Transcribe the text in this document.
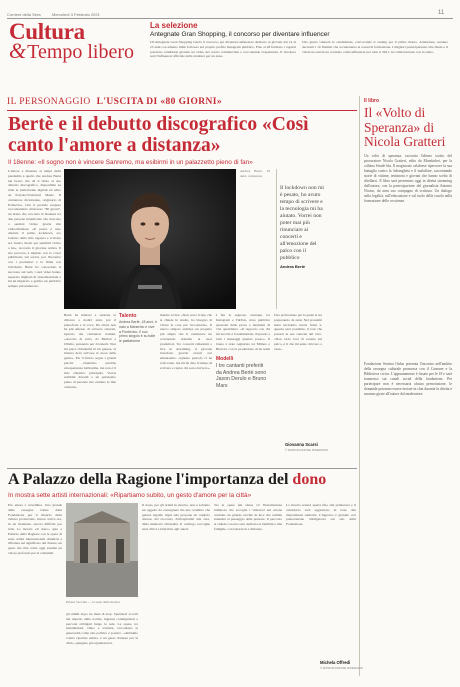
Corriere della Sera	Mercoledì 3 Febbraio 2021	11
Cultura
& Tempo libero
La selezione
Antegnate Gran Shopping, il concorso per diventare influencer
Un'Antegnate Gran Shopping lancia il concorso per diventare influencer dedicato ai giovani dai 14 ai 25 anni con almeno mille follower sul proprio profilo Instagram pubblico. Fino al 28 febbraio i ragazzi potranno candidarsi girando un video del centro commerciale e raccontando l'esperienza. Il vincitore sarà l'influencer ufficiale della struttura per un anno.
Una giuria valuterà le candidature, convocando il casting per il primo marzo. Attenzione, saranno decretati i 10 finalisti che accederanno al round di formazione. I migliori parteciperanno alla finale e il vincitore otterrà un contratto come influencer per tutto il 2021, in collaborazione con il centro.
IL PERSONAGGIO L'USCITA DI «80 GIORNI»
Bertè e il debutto discografico «Così canto l'amore a distanza»
Il 18enne: «Il sogno non è vincere Sanremo, ma esibirmi in un palazzetto pieno di fan»
L'amore a distanza ai tempi della pandemia è quello che Andrea Bertè nel brano che dà il titolo al suo debutto discografico, disponibile su tutte le piattaforme digitali ed edito da Polydor/Universal Music. Il cantautore diciottenne, originario di Pontevico, vive il periodo sospeso raccontandolo attraverso "80 giorni", un brano che racconta la distanza tra due persone innamorate che riescono a sentirsi vicine grazie alle videochiamate. «Il pezzo è nato durante il primo lockdown, ero lontano dalla mia ragazza e scrivere era l'unico modo per sentirmi vicino a lei», racconta il giovane artista. Il suo percorso è iniziato con le cover pubblicate sui social, poi l'incontro con i produttori e la firma con l'etichetta. Bertè ha conosciuto il successo sul web, i suoi video hanno superato migliaia di visualizzazioni e lui ha imparato a gestire un pubblico sempre più numeroso.
Bertè ha iniziato a suonare la chitarra a dodici anni, poi il pianoforte e la voce. Da allora non ha più smesso di scrivere canzoni, ispirato dai cantautori italiani. «Ascolto di tutto, da Battisti a Ultimo, passando per Jovanotti. Non mi piace chiudermi in un genere, la musica deve arrivare al cuore della gente». Per il futuro sogna i grandi palchi: «Sanremo sarebbe un'esperienza bellissima, ma non è il mio obiettivo principale. Vorrei esibirmi davanti a un palazzetto pieno di persone che cantano le mie canzoni».
Talento
Andrea Bertè, 18 anni, è nato a Manerbio e vive a Pontevico. Il suo primo singolo è su tutte le piattaforme
mentre scrive: «Non sono il tipo che si chiude in studio, ho bisogno di vivere le cose per raccontarle». Il nuovo singolo anticipa un progetto più ampio che il cantautore sta costruendo insieme ai suoi produttori. Tra concerti rimandati e live in streaming, il giovane bresciano guarda avanti con entusiasmo. «Questo periodo ci ha tolto tanto, ma mi ha dato il tempo di scrivere e capire chi sono davvero».
I fan lo seguono ovunque, tra Instagram e TikTok, dove pubblica spezzoni delle prove e momenti di vita quotidiana. «Il rapporto con chi mi ascolta è fondamentale, rispondo a tutti i messaggi quando posso». Il brano è stato registrato tra Milano e Brescia, con la produzione di un team
Modelli
I tre cantanti preferiti da Andrea Bertè sono Jason Derulo e Bruno Mars
Una professione per la quale si sta preparando da anni. Nei prossimi mesi usciranno nuovi brani e, appena sarà possibile, il tour che porterà le sue canzoni dal vivo. «Non vedo l'ora di tornare sul palco, è lì che mi sento davvero a casa».
Giovanna Scarsi
© RIPRODUZIONE RISERVATA
Andrea Bertè, 18 anni, cantautore
Il lockdown non mi è pesato, ho avuto tempo di scrivere e la tecnologia mi ha aiutato. Vorrei non poter mai più rinunciare ai concerti e all'emozione del palco con il pubblico
Andrea Bertè
Il libro
Il «Volto di Speranza» di Nicola Gratteri
Un volto di speranza, racconta l'ultimo scritto del procuratore Nicola Gratteri, edito da Mondadori, per la collana Strade blu. Il magistrato calabrese ripercorre la sua battaglia contro la 'ndrangheta e il malaffare, raccontando storie di vittime, testimoni e giovani che hanno scelto di ribellarsi. Il libro sarà presentato oggi in diretta streaming dall'autore, con la partecipazione del giornalista Antonio Nicaso, da anni suo compagno di scrittura. Un dialogo sulla legalità, sull'educazione e sul ruolo della scuola nella formazione delle coscienze.
Fondazione Sestina Onlus presenta l'incontro nell'ambito della rassegna culturale promossa con il Comune e la Biblioteca civica. L'appuntamento è fissato per le 18 e sarà trasmesso sui canali social della fondazione. Per partecipare non è necessaria alcuna prenotazione, le domande potranno essere inviate in chat durante la diretta e saranno girate all'autore dal moderatore.
A Palazzo della Ragione l'importanza del dono
In mostra sette artisti internazionali: «Ripartiamo subito, un gesto d'amore per la città»
Era attesa a novembre. Una grande delle rassegne volute dalla Fondazione per il rilancio della cultura provinciale, invece arriva ora, in un momento ancora difficile per tutti. La mostra «Il dono» apre a Palazzo della Ragione con le opere di sette artisti internazionali chiamati a riflettere sul significato del donare, un gesto che mai come oggi assume un valore profondo per la comunità.
Piazza Vecchia — la sede della mostra
gli ultimi dopo tre mesi di stop. Spettatori accolti nel rispetto delle norme, ingressi contingentati e percorsi obbligati lungo le sale. Le opere, tra installazioni, video e sculture, raccontano la generosità come atto politico e poetico. «Abbiamo voluto ripartire subito, è un gesto d'amore per la città», spiegano gli organizzatori.
Il dono, per gli artisti in mostra, non è soltanto un oggetto da consegnare ma uno scambio che genera legami. Ogni sala propone un capitolo diverso del racconto, dall'ospitalità alla cura, dalla memoria all'eredità. Il catalogo raccoglie testi critici e interviste agli autori.
Tra le opere più attese c'è l'installazione luminosa che accoglie i visitatori nel salone centrale, un grande cerchio di luce che cambia intensità al passaggio delle persone. Il percorso si chiude con una sala dedicata ai bambini e alle famiglie, con laboratori a distanza.
La mostra resterà aperta fino alla primavera e il calendario sarà aggiornato in base alle disposizioni sanitarie. L'ingresso è gratuito con prenotazione obbligatoria sul sito della Fondazione.
Michela Offredi
© RIPRODUZIONE RISERVATA
